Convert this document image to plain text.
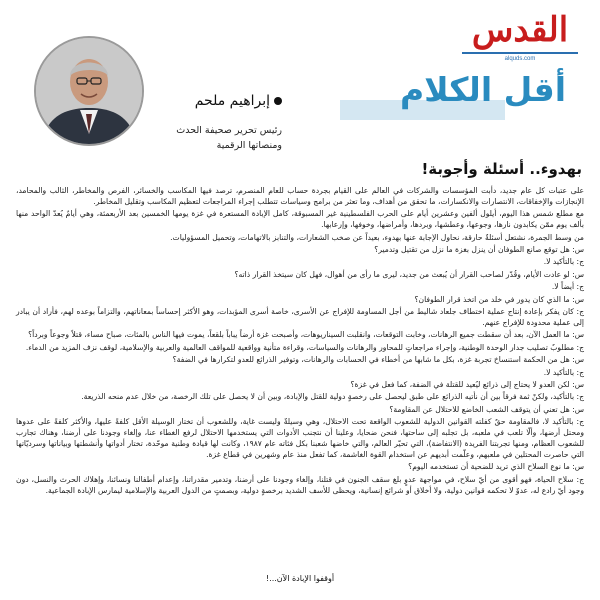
إبراهيم ملحم
رئيس تحرير صحيفة الحدث
ومنصاتها الرقمية
القدس
alquds.com
أقل الكلام
بهدوء.. أسئلة وأجوبة!

على عتبات كل عام جديد، دأبت المؤسسات والشركات في العالم على القيام بجردة حساب للعام المنصرم، ترصد فيها المكاسب والخسائر، الفرص والمخاطر، الثالب والمحامد، الإنجازات والإخفاقات، الانتصارات والانكسارات، ما تحقق من أهداف، وما تعثر من برامج وسياسات تتطلب إجراء المراجعات لتعظيم المكاسب وتقليل المخاطر.

مع مطلع شمس هذا اليوم، أيلول ألفين وعشرين أيام على الحرب الفلسطينية غير المسبوقة، كامل الإبادة المستعرة في غزة يومها الخمسين بعد الأربعمئة، وهي أيامٌ يُعدّ الواحد منها بألف يوم ممّن يكابدون نارها، وجوعها، وعطشها، وبردها، وأمراضها، وخوفها، وإرعابها.

من وسط الجمرة، نشتعل أسئلةٌ حارقة، نحاول الإجابة عنها بهدوء، بعيداً عن صخب الشعارات، والتنابز بالاتهامات، وتحميل المسؤوليات.

س: هل توقع صانع الطوفان أن ينزل بغزة ما نزل من تقتيل وتدمير؟

ج: بالتأكيد لا.

س: لو عادت الأيام، وقُدّر لصاحب القرار أن يُبعث من جديد، ليرى ما رأى من أهوال، فهل كان سيتخذ القرار ذاته؟

ج: أيضاً لا.

س: ما الذي كان يدور في خلد من اتخذ قرار الطوفان؟

ج: كان يفكر بإعادة إنتاج عملية اختطاف جلعاد شاليط من أجل المساومة للإفراج عن الأسرى، خاصة أسرى المؤبدات، وهو الأكثر إحساساً بمعاناتهم، والتزاماً بوعده لهم، فأراد أن يبادر إلى عملية محدودة للإفراج عنهم.

س: ما العمل الآن، بعد أن سقطت جميع الرهانات، وخابت التوقعات، وانقلبت السيناريوهات، وأصبحت غزة أرضاً يباباً بلقعاً، يموت فيها الناس بالمئات، صباح مساء، قتلاً وجوعاً وبرداً؟

ج: مطلوبٌ تصليب جدار الوحدة الوطنية، وإجراء مراجعاتٍ للمحاور والرهانات والسياسات، وقراءة متأنية وواقعية للمواقف العالمية والعربية والإسلامية، لوقف نزف المزيد من الدماء.

س: هل من الحكمة استنساخ تجربة غزة، بكل ما شابها من أخطاء في الحسابات والرهانات، وتوفير الذرائع للعدو لتكرارها في الضفة؟

ج: بالتأكيد لا.

س: لكن العدو لا يحتاج إلى ذرائع ليُعيد للقتلة في الضفة، كما فعل في غزة؟

ج: بالتأكيد، ولكنْ ثمة فرقاً بين أن نأتيه الذرائع على طبق ليحصل على رخصةٍ دولية للقتل والإبادة، وبين أن لا يحصل على تلك الرخصة، من خلال عدم منحه الذريعة.

س: هل تعني أن يتوقف الشعب الخاضع للاحتلال عن المقاومة؟

ج: بالتأكيد لا، فالمقاومة حقٌ كفلته القوانين الدولية للشعوب الواقعة تحت الاحتلال، وهي وسيلةٌ وليست غاية، وللشعوب أن تختار الوسيلة الأقل كلفةً عليها، والأكثر كلفةً على عدوها ومحتل أرضها، وألّا تلعب في ملعبه، بل تجلبه إلى ساحتها، فنحن ضحايا، وعلينا أن نتجنب الأدوات التي يستخدمها الاحتلال لرفع الغطاء عنا، وإلغاء وجودنا على أرضنا، وهناك تجارب للشعوب العظام، ومنها تجربتنا الفريدة (الانتفاضة)، التي تحيّر العالم، والتي خاضها شعبنا بكل فئاته عام ١٩٨٧، وكانت لها قيادة وطنية موحّدة، تختار أدواتها وأنشطتها وبياناتها وسرديّاتها التي حاصرت المحتلين في ملعبهم، وعلّمت أبديهم عن استخدام القوة الغاشمة، كما تفعل منذ عام وشهرين في قطاع غزة.

س: ما نوع السلاح الذي تريد للضحية أن تستخدمه اليوم؟

ج: سلاح الحياة، فهو أقوى من أيّ سلاح، في مواجهة عدوٍ بلغ سقف الجنون في قتلنا، وإلغاء وجودنا على أرضنا، وتدمير مقدراتنا، وإعدام أطفالنا ونسائنا، وإهلاك الحرث والنسل، دون وجود أيّ رادع له، عدوٌ لا تحكمه قوانين دولية، ولا أخلاق أو شرائع إنسانية، ويحظى للأسف الشديد برخصةٍ دولية، وبصمتٍ من الدول العربية والإسلامية ليمارس الإبادة الجماعية.

أوقفوا الإبادة الآن...!
